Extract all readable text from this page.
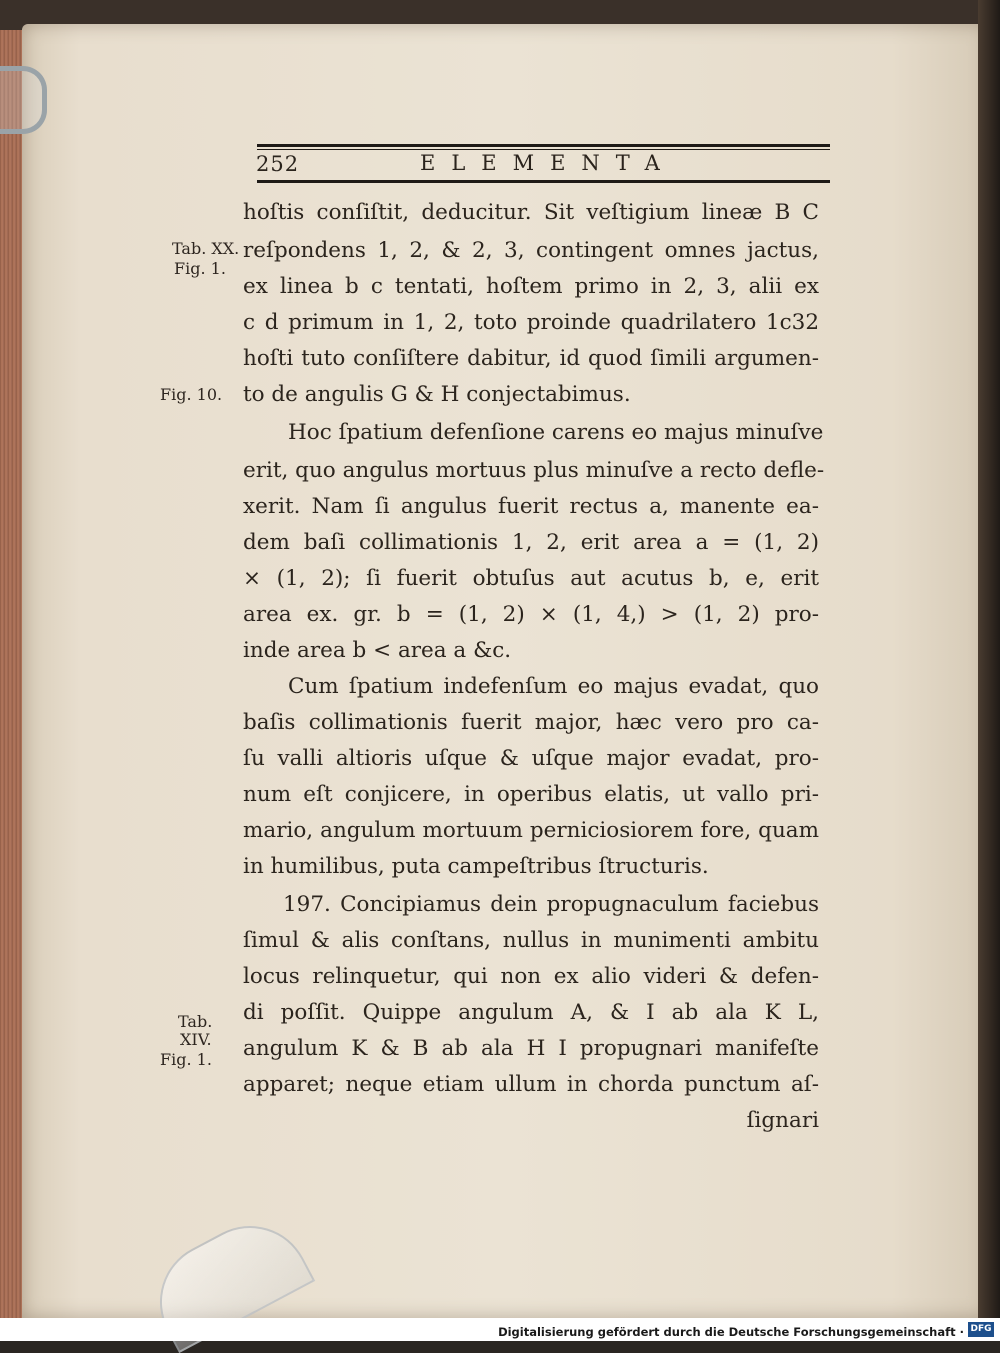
252	ELEMENTA
Tab. XX.
Fig. 1.
Fig. 10.
Tab.
XIV.
Fig. 1.
hoſtis conſiſtit, deducitur. Sit veſtigium lineæ B C
reſpondens 1, 2, & 2, 3, contingent omnes jactus,
ex linea b c tentati, hoſtem primo in 2, 3, alii ex
c d primum in 1, 2, toto proinde quadrilatero 1c32
hoſti tuto conſiſtere dabitur, id quod ſimili argumen-
to de angulis G & H conjectabimus.
Hoc ſpatium defenſione carens eo majus minuſve
erit, quo angulus mortuus plus minuſve a recto defle-
xerit. Nam ſi angulus fuerit rectus a, manente ea-
dem baſi collimationis 1, 2, erit area a = (1, 2)
× (1, 2); ſi fuerit obtuſus aut acutus b, e, erit
area ex. gr. b = (1, 2) × (1, 4,) > (1, 2) pro-
inde area b < area a &c.
Cum ſpatium indefenſum eo majus evadat, quo
baſis collimationis fuerit major, hæc vero pro ca-
ſu valli altioris uſque & uſque major evadat, pro-
num eſt conjicere, in operibus elatis, ut vallo pri-
mario, angulum mortuum perniciosiorem fore, quam
in humilibus, puta campeſtribus ſtructuris.
197. Concipiamus dein propugnaculum faciebus
ſimul & alis conſtans, nullus in munimenti ambitu
locus relinquetur, qui non ex alio videri & defen-
di poſſit. Quippe angulum A, & I ab ala K L,
angulum K & B ab ala H I propugnari manifeſte
apparet; neque etiam ullum in chorda punctum aſ-
ſignari
Digitalisierung gefördert durch die Deutsche Forschungsgemeinschaft · DFG
